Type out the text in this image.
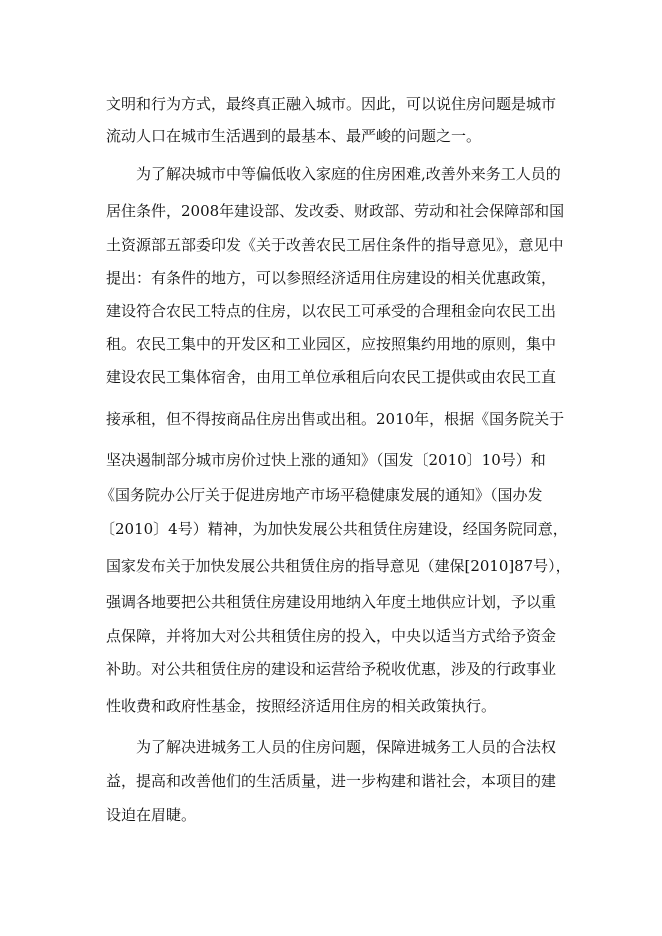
文明和行为方式，最终真正融入城市。因此，可以说住房问题是城市
流动人口在城市生活遇到的最基本、最严峻的问题之一。
为了解决城市中等偏低收入家庭的住房困难,改善外来务工人员的
居住条件，2008年建设部、发改委、财政部、劳动和社会保障部和国
土资源部五部委印发《关于改善农民工居住条件的指导意见》，意见中
提出：有条件的地方，可以参照经济适用住房建设的相关优惠政策，
建设符合农民工特点的住房，以农民工可承受的合理租金向农民工出
租。农民工集中的开发区和工业园区，应按照集约用地的原则，集中
建设农民工集体宿舍，由用工单位承租后向农民工提供或由农民工直
接承租，但不得按商品住房出售或出租。2010年，根据《国务院关于
坚决遏制部分城市房价过快上涨的通知》（国发〔2010〕10号）和
《国务院办公厅关于促进房地产市场平稳健康发展的通知》（国办发
〔2010〕4号）精神，为加快发展公共租赁住房建设，经国务院同意，
国家发布关于加快发展公共租赁住房的指导意见（建保[2010]87号），
强调各地要把公共租赁住房建设用地纳入年度土地供应计划，予以重
点保障，并将加大对公共租赁住房的投入，中央以适当方式给予资金
补助。对公共租赁住房的建设和运营给予税收优惠，涉及的行政事业
性收费和政府性基金，按照经济适用住房的相关政策执行。
为了解决进城务工人员的住房问题，保障进城务工人员的合法权
益，提高和改善他们的生活质量，进一步构建和谐社会，本项目的建
设迫在眉睫。
